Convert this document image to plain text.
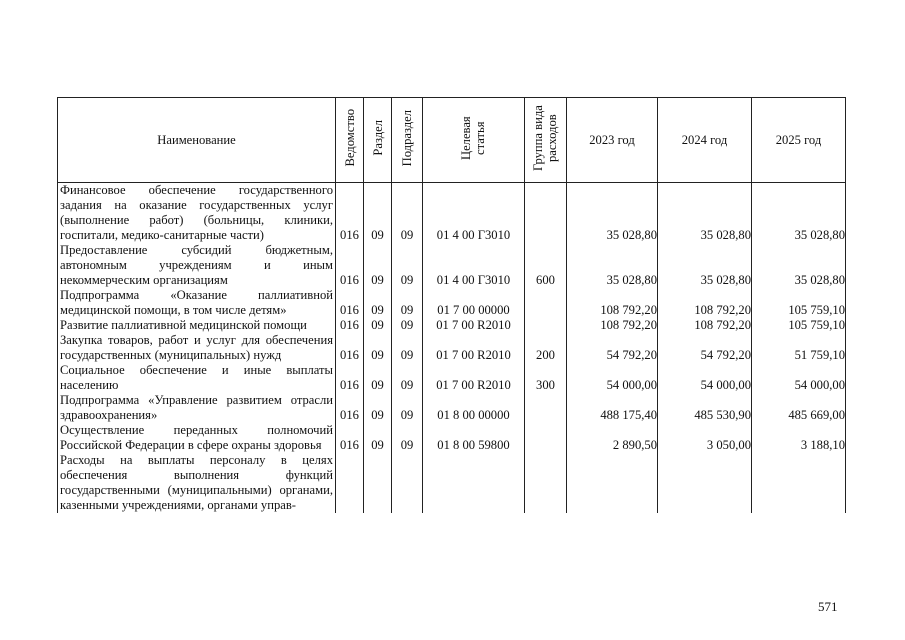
Наименование	Ведомство	Раздел	Подраздел	Целевая статья	Группа вида расходов	2023 год	2024 год	2025 год
Финансовое обеспечение государственного задания на оказание государственных услуг (выполнение работ) (больницы, клиники, госпитали, медико-санитарные части)	016	09	09	01 4 00 Г3010		35 028,80	35 028,80	35 028,80
Предоставление субсидий бюджетным, автономным учреждениям и иным некоммерческим организациям	016	09	09	01 4 00 Г3010	600	35 028,80	35 028,80	35 028,80
Подпрограмма «Оказание паллиативной медицинской помощи, в том числе детям»	016	09	09	01 7 00 00000		108 792,20	108 792,20	105 759,10
Развитие паллиативной медицинской помощи	016	09	09	01 7 00 R2010		108 792,20	108 792,20	105 759,10
Закупка товаров, работ и услуг для обеспечения государственных (муниципальных) нужд	016	09	09	01 7 00 R2010	200	54 792,20	54 792,20	51 759,10
Социальное обеспечение и иные выплаты населению	016	09	09	01 7 00 R2010	300	54 000,00	54 000,00	54 000,00
Подпрограмма «Управление развитием отрасли здравоохранения»	016	09	09	01 8 00 00000		488 175,40	485 530,90	485 669,00
Осуществление переданных полномочий Российской Федерации в сфере охраны здоровья	016	09	09	01 8 00 59800		2 890,50	3 050,00	3 188,10
Расходы на выплаты персоналу в целях обеспечения выполнения функций государственными (муниципальными) органами, казенными учреждениями, органами управ-								
571
